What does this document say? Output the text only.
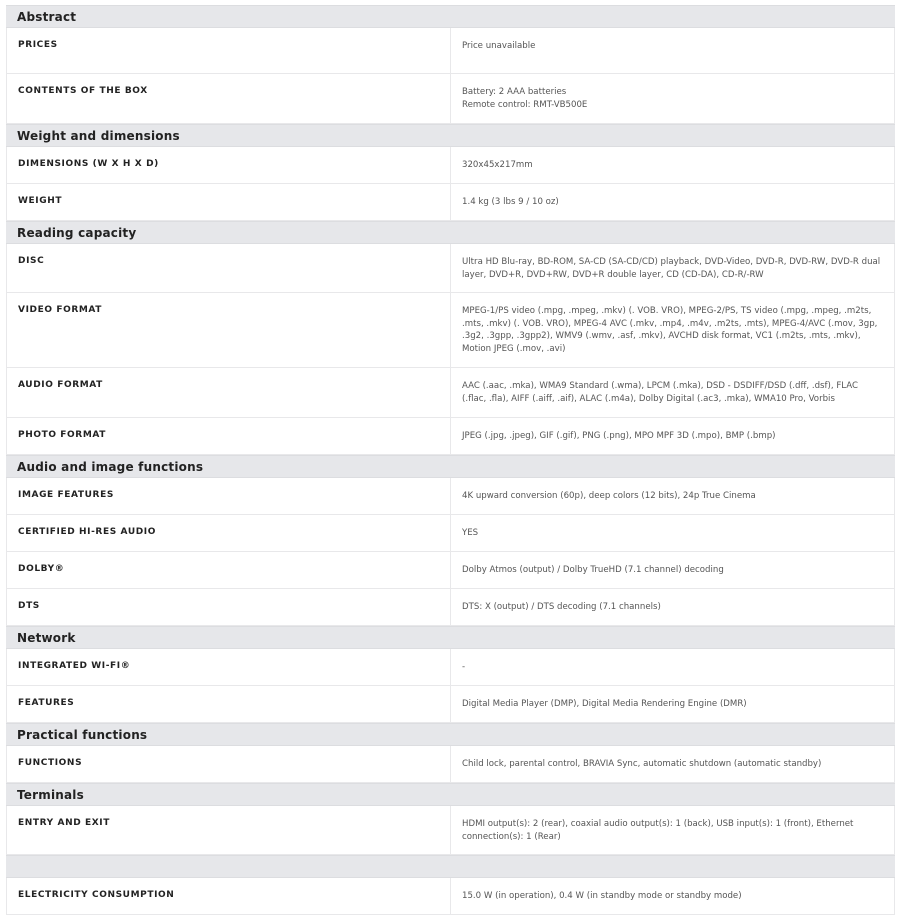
Abstract
PRICES	Price unavailable
CONTENTS OF THE BOX	Battery: 2 AAA batteries
Remote control: RMT-VB500E
Weight and dimensions
DIMENSIONS (W X H X D)	320x45x217mm
WEIGHT	1.4 kg (3 lbs 9 / 10 oz)
Reading capacity
DISC	Ultra HD Blu-ray, BD-ROM, SA-CD (SA-CD/CD) playback, DVD-Video, DVD-R, DVD-RW, DVD-R dual layer, DVD+R, DVD+RW, DVD+R double layer, CD (CD-DA), CD-R/-RW
VIDEO FORMAT	MPEG-1/PS video (.mpg, .mpeg, .mkv) (. VOB. VRO), MPEG-2/PS, TS video (.mpg, .mpeg, .m2ts, .mts, .mkv) (. VOB. VRO), MPEG-4 AVC (.mkv, .mp4, .m4v, .m2ts, .mts), MPEG-4/AVC (.mov, 3gp, .3g2, .3gpp, .3gpp2), WMV9 (.wmv, .asf, .mkv), AVCHD disk format, VC1 (.m2ts, .mts, .mkv), Motion JPEG (.mov, .avi)
AUDIO FORMAT	AAC (.aac, .mka), WMA9 Standard (.wma), LPCM (.mka), DSD - DSDIFF/DSD (.dff, .dsf), FLAC (.flac, .fla), AIFF (.aiff, .aif), ALAC (.m4a), Dolby Digital (.ac3, .mka), WMA10 Pro, Vorbis
PHOTO FORMAT	JPEG (.jpg, .jpeg), GIF (.gif), PNG (.png), MPO MPF 3D (.mpo), BMP (.bmp)
Audio and image functions
IMAGE FEATURES	4K upward conversion (60p), deep colors (12 bits), 24p True Cinema
CERTIFIED HI-RES AUDIO	YES
DOLBY®	Dolby Atmos (output) / Dolby TrueHD (7.1 channel) decoding
DTS	DTS: X (output) / DTS decoding (7.1 channels)
Network
INTEGRATED WI-FI®	-
FEATURES	Digital Media Player (DMP), Digital Media Rendering Engine (DMR)
Practical functions
FUNCTIONS	Child lock, parental control, BRAVIA Sync, automatic shutdown (automatic standby)
Terminals
ENTRY AND EXIT	HDMI output(s): 2 (rear), coaxial audio output(s): 1 (back), USB input(s): 1 (front), Ethernet connection(s): 1 (Rear)
ELECTRICITY CONSUMPTION	15.0 W (in operation), 0.4 W (in standby mode or standby mode)
